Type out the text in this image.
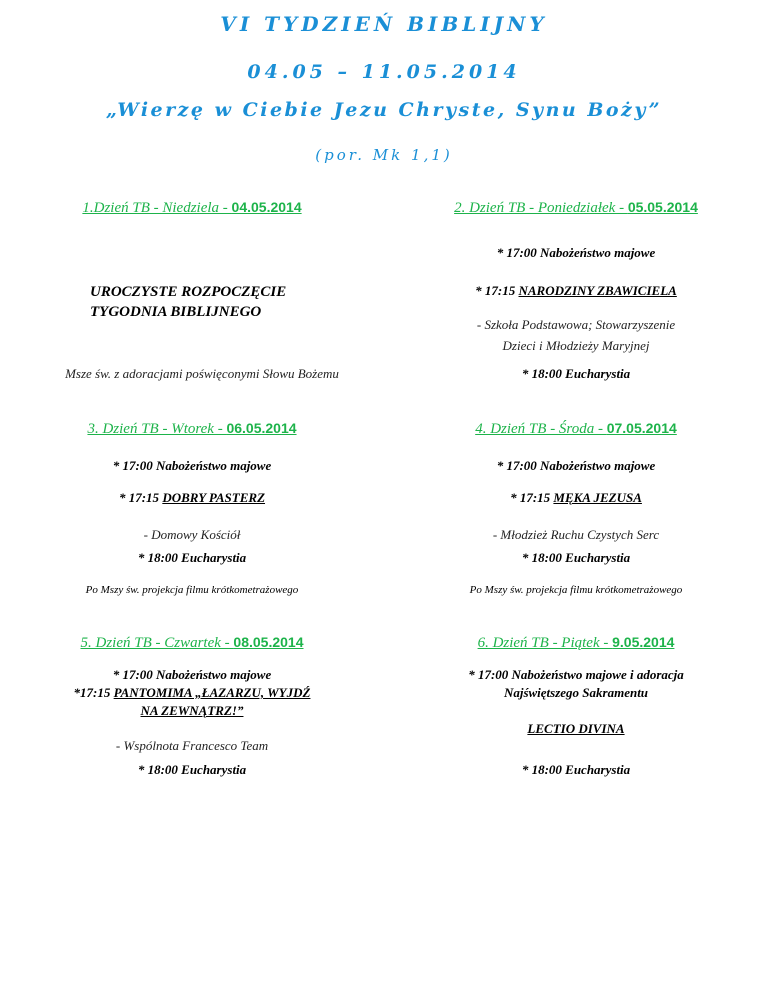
VI TYDZIEŃ BIBLIJNY
04.05 – 11.05.2014
„Wierzę w Ciebie Jezu Chryste, Synu Boży”
(por. Mk 1,1)
1.Dzień TB - Niedziela - 04.05.2014
UROCZYSTE ROZPOCZĘCIE
TYGODNIA BIBLIJNEGO
Msze św. z adoracjami poświęconymi Słowu Bożemu
2. Dzień TB - Poniedziałek - 05.05.2014
* 17:00 Nabożeństwo majowe
* 17:15 NARODZINY ZBAWICIELA
- Szkoła Podstawowa; Stowarzyszenie
Dzieci i Młodzieży Maryjnej
* 18:00 Eucharystia
3. Dzień TB - Wtorek - 06.05.2014
* 17:00 Nabożeństwo majowe
* 17:15 DOBRY PASTERZ
- Domowy Kościół
* 18:00 Eucharystia
Po Mszy św. projekcja filmu krótkometrażowego
4. Dzień TB - Środa - 07.05.2014
* 17:00 Nabożeństwo majowe
* 17:15 MĘKA JEZUSA
- Młodzież Ruchu Czystych Serc
* 18:00 Eucharystia
Po Mszy św. projekcja filmu krótkometrażowego
5. Dzień TB - Czwartek - 08.05.2014
* 17:00 Nabożeństwo majowe
*17:15 PANTOMIMA „ŁAZARZU, WYJDŹ
NA ZEWNĄTRZ!”
- Wspólnota Francesco Team
* 18:00 Eucharystia
6. Dzień TB - Piątek - 9.05.2014
* 17:00 Nabożeństwo majowe i adoracja
Najświętszego Sakramentu
LECTIO DIVINA
* 18:00 Eucharystia
